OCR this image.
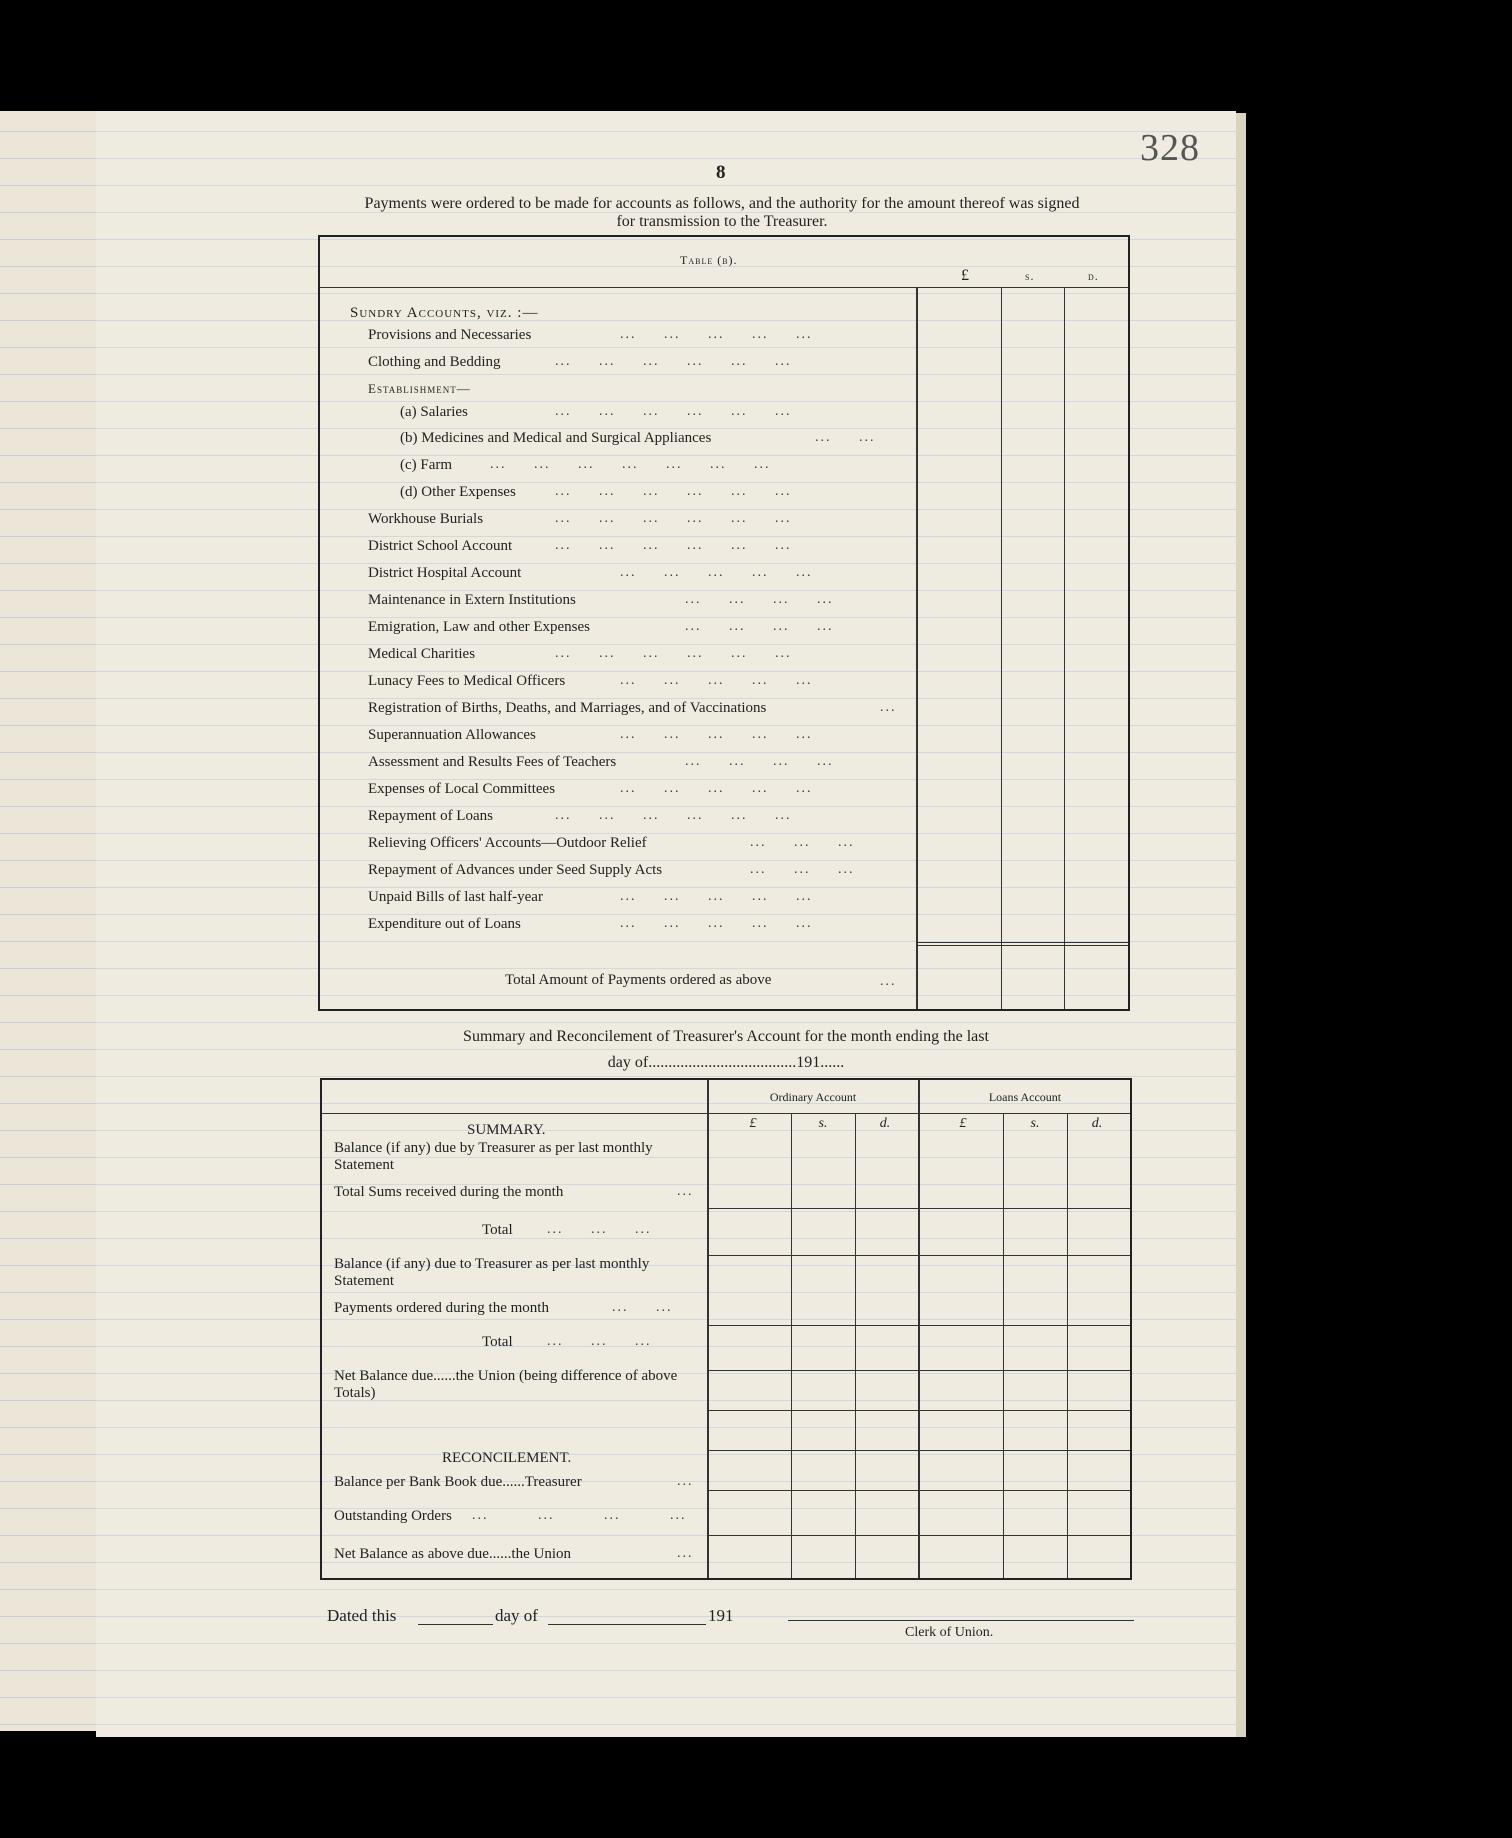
328
8
Payments were ordered to be made for accounts as follows, and the authority for the amount thereof was signed for transmission to the Treasurer.
Table (b).
£	s.	d.
Sundry Accounts, viz. :—
Provisions and Necessaries	...     ...     ...     ...     ...
Clothing and Bedding	...     ...     ...     ...     ...     ...
Establishment—
(a) Salaries	...     ...     ...     ...     ...     ...
(b) Medicines and Medical and Surgical Appliances	...     ...
(c) Farm	...     ...     ...     ...     ...     ...     ...
(d) Other Expenses	...     ...     ...     ...     ...     ...
Workhouse Burials	...     ...     ...     ...     ...     ...
District School Account	...     ...     ...     ...     ...     ...
District Hospital Account	...     ...     ...     ...     ...
Maintenance in Extern Institutions	...     ...     ...     ...
Emigration, Law and other Expenses	...     ...     ...     ...
Medical Charities	...     ...     ...     ...     ...     ...
Lunacy Fees to Medical Officers	...     ...     ...     ...     ...
Registration of Births, Deaths, and Marriages, and of Vaccinations	...
Superannuation Allowances	...     ...     ...     ...     ...
Assessment and Results Fees of Teachers	...     ...     ...     ...
Expenses of Local Committees	...     ...     ...     ...     ...
Repayment of Loans	...     ...     ...     ...     ...     ...
Relieving Officers' Accounts—Outdoor Relief	...     ...     ...
Repayment of Advances under Seed Supply Acts	...     ...     ...
Unpaid Bills of last half-year	...     ...     ...     ...     ...
Expenditure out of Loans	...     ...     ...     ...     ...
Total Amount of Payments ordered as above	...
Summary and Reconcilement of Treasurer's Account for the month ending the last
day of.....................................191......
Ordinary Account	Loans Account
£	s.	d.	£	s.	d.
SUMMARY.
Balance (if any) due by Treasurer as per last monthly Statement
Total Sums received during the month	...
Total ...     ...     ...
Balance (if any) due to Treasurer as per last monthly Statement
Payments ordered during the month	...     ...
Total ...     ...     ...
Net Balance due......the Union (being difference of above Totals)
RECONCILEMENT.
Balance per Bank Book due......Treasurer	...
Outstanding Orders ...         ...         ...         ...
Net Balance as above due......the Union	...
Dated this	day of	191
Clerk of Union.
